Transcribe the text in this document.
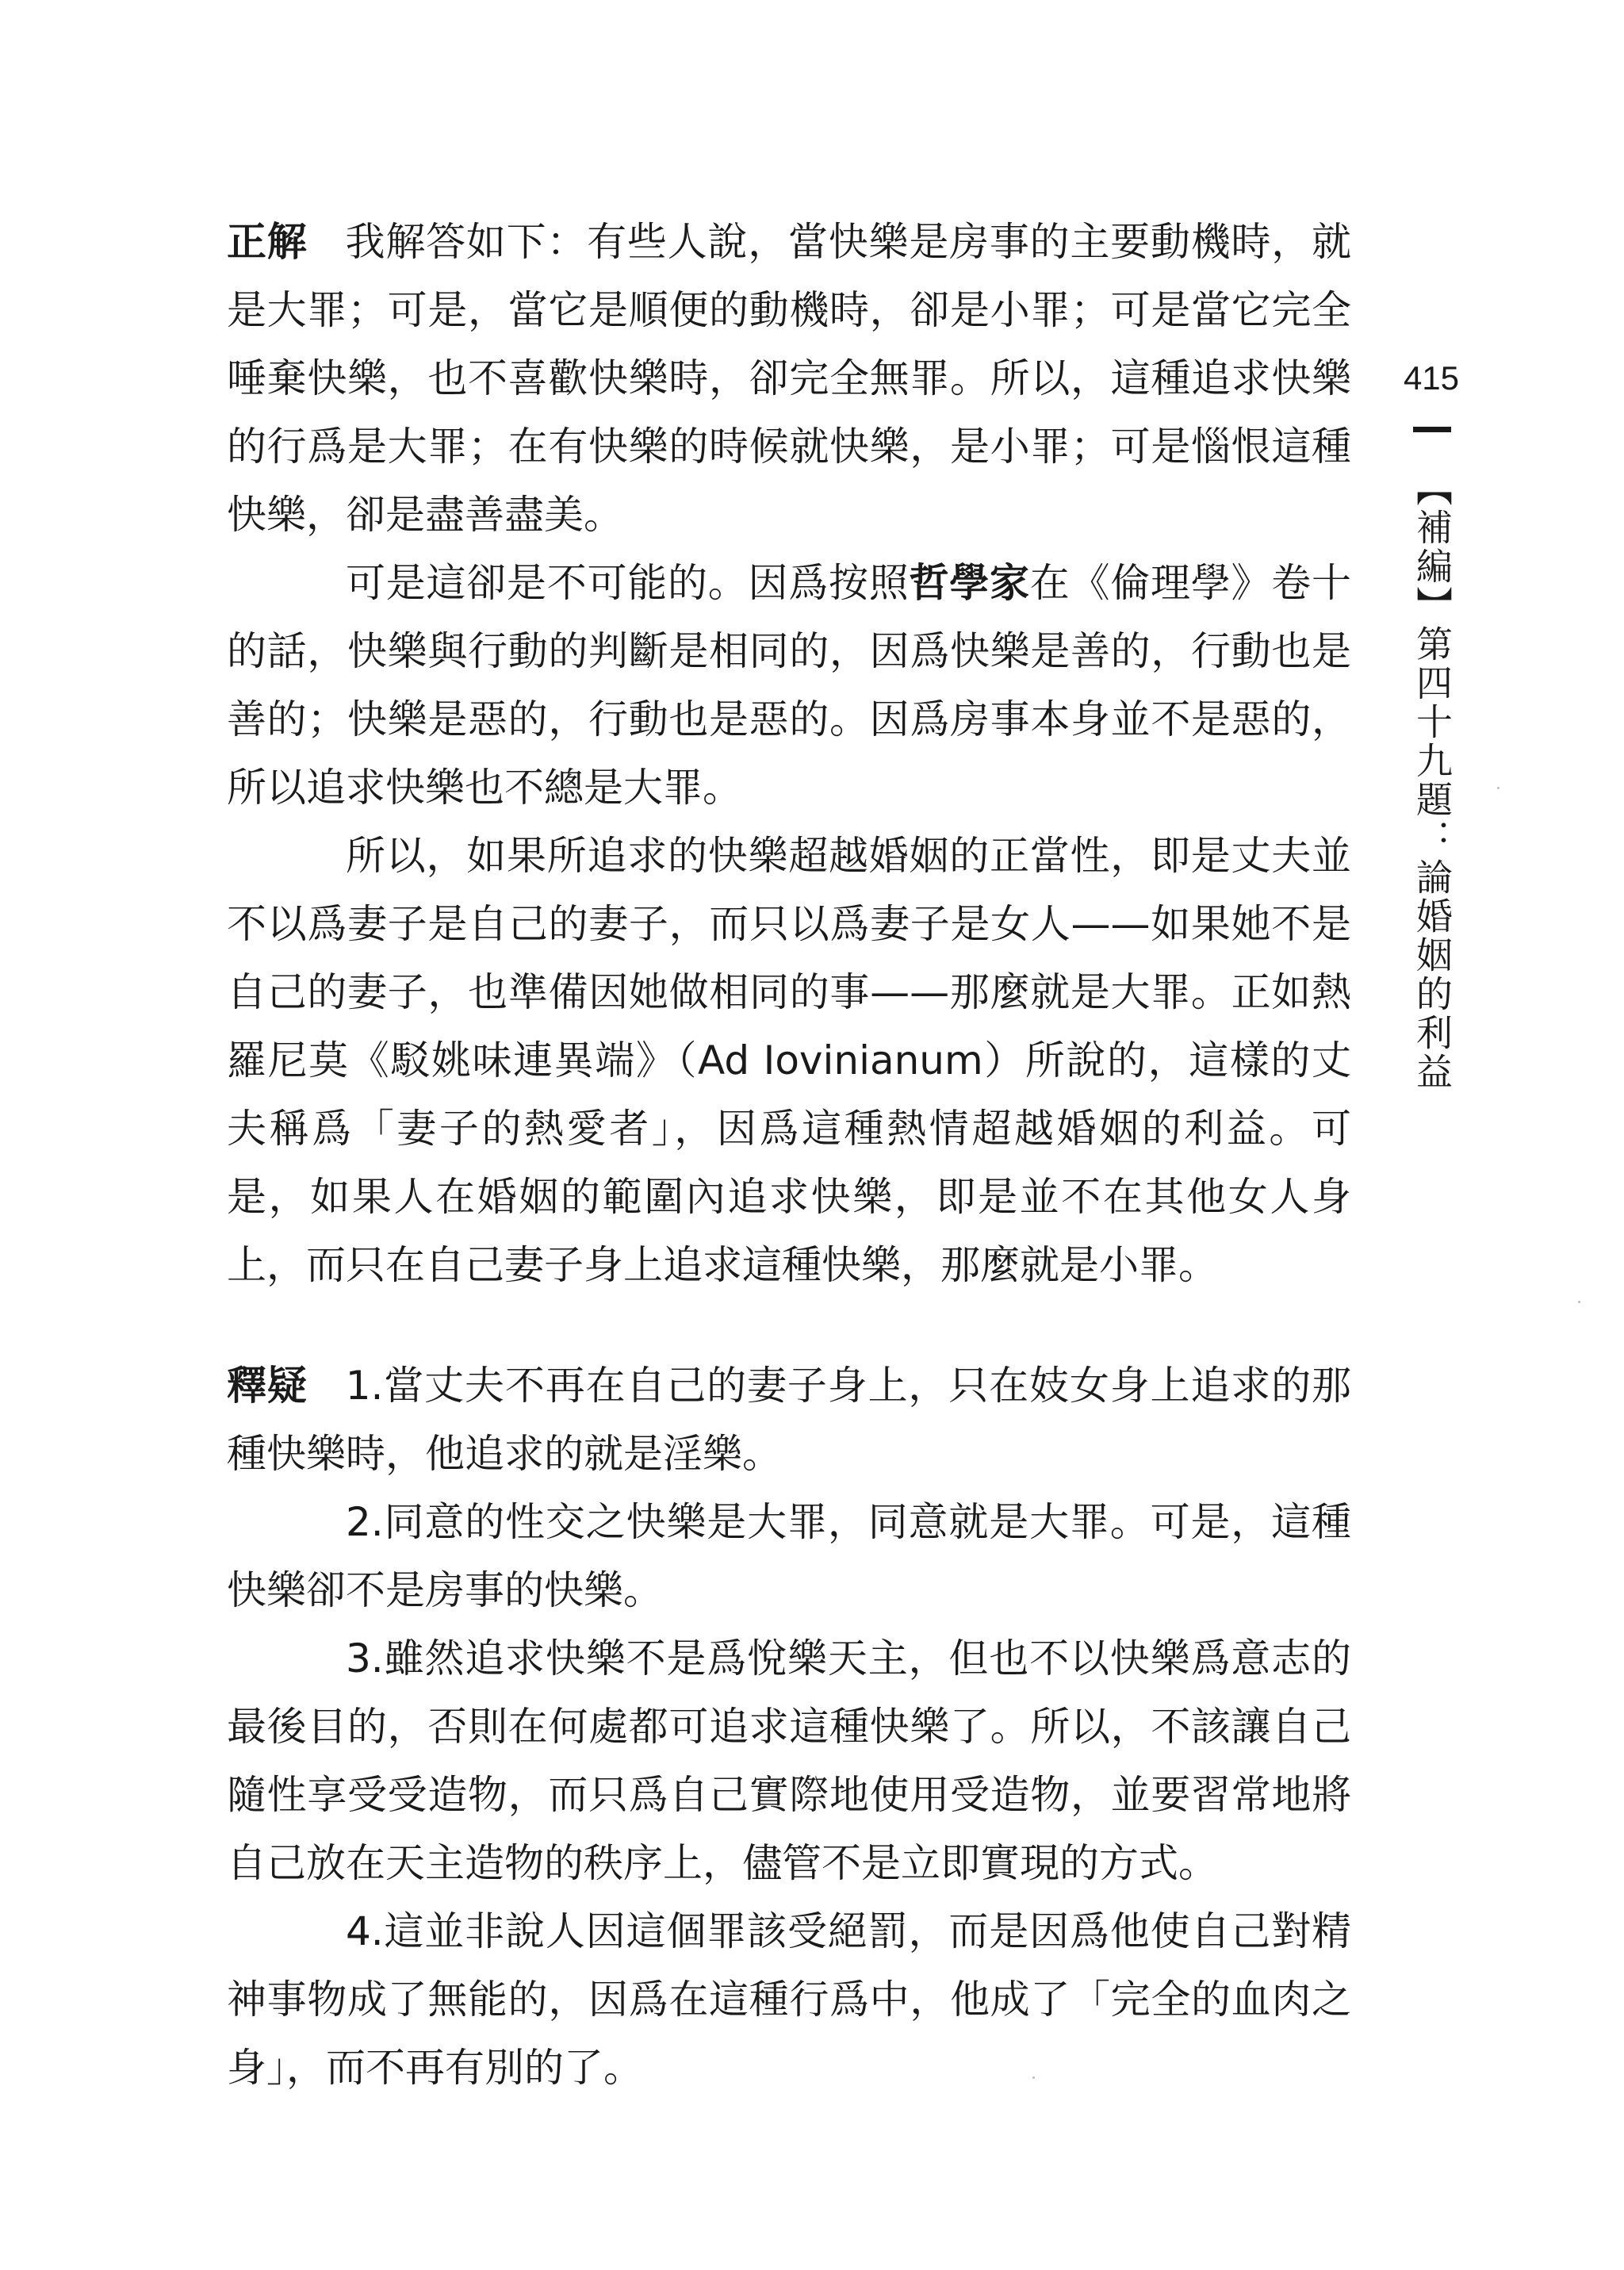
正解 我解答如下：有些人說，當快樂是房事的主要動機時，就是大罪；可是，當它是順便的動機時，卻是小罪；可是當它完全唾棄快樂，也不喜歡快樂時，卻完全無罪。所以，這種追求快樂的行爲是大罪；在有快樂的時候就快樂，是小罪；可是惱恨這種快樂，卻是盡善盡美。

可是這卻是不可能的。因爲按照哲學家在《倫理學》卷十的話，快樂與行動的判斷是相同的，因爲快樂是善的，行動也是善的；快樂是惡的，行動也是惡的。因爲房事本身並不是惡的，所以追求快樂也不總是大罪。

所以，如果所追求的快樂超越婚姻的正當性，即是丈夫並不以爲妻子是自己的妻子，而只以爲妻子是女人——如果她不是自己的妻子，也準備因她做相同的事——那麼就是大罪。正如熱羅尼莫《駁姚味連異端》（Ad Iovinianum）所說的，這樣的丈夫稱爲「妻子的熱愛者」，因爲這種熱情超越婚姻的利益。可是，如果人在婚姻的範圍內追求快樂，即是並不在其他女人身上，而只在自己妻子身上追求這種快樂，那麼就是小罪。

釋疑 1.當丈夫不再在自己的妻子身上，只在妓女身上追求的那種快樂時，他追求的就是淫樂。

2.同意的性交之快樂是大罪，同意就是大罪。可是，這種快樂卻不是房事的快樂。

3.雖然追求快樂不是爲悅樂天主，但也不以快樂爲意志的最後目的，否則在何處都可追求這種快樂了。所以，不該讓自己隨性享受受造物，而只爲自己實際地使用受造物，並要習常地將自己放在天主造物的秩序上，儘管不是立即實現的方式。

4.這並非說人因這個罪該受絕罰，而是因爲他使自己對精神事物成了無能的，因爲在這種行爲中，他成了「完全的血肉之身」，而不再有別的了。

415
【補編】第四十九題：論婚姻的利益
